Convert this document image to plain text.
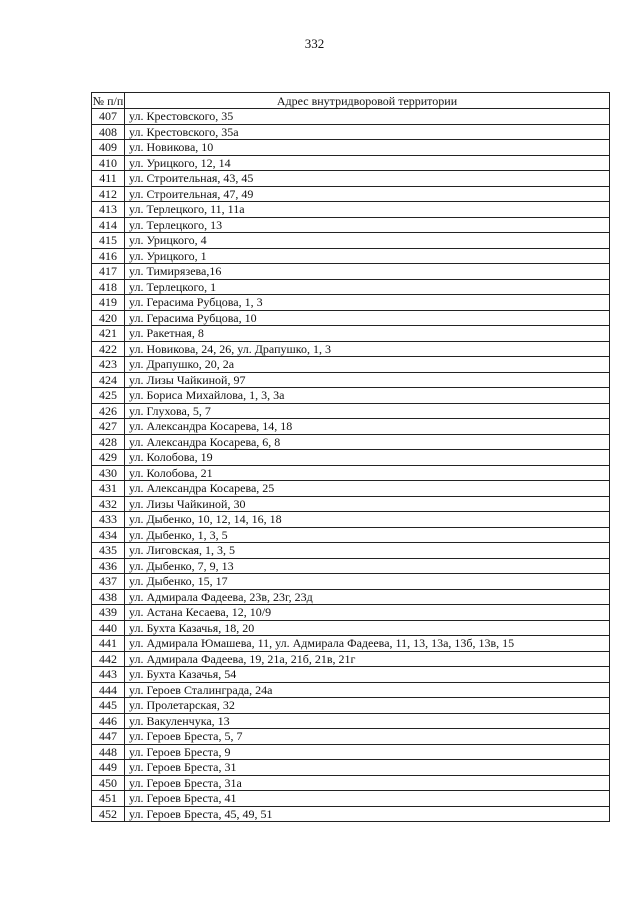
332
№ п/п	Адрес внутридворовой территории
407	ул. Крестовского, 35
408	ул. Крестовского, 35а
409	ул. Новикова, 10
410	ул. Урицкого, 12, 14
411	ул. Строительная, 43, 45
412	ул. Строительная, 47, 49
413	ул. Терлецкого, 11, 11а
414	ул. Терлецкого, 13
415	ул. Урицкого, 4
416	ул. Урицкого, 1
417	ул. Тимирязева,16
418	ул. Терлецкого, 1
419	ул. Герасима Рубцова, 1, 3
420	ул. Герасима Рубцова, 10
421	ул. Ракетная, 8
422	ул. Новикова, 24, 26, ул. Драпушко, 1, 3
423	ул. Драпушко, 20, 2а
424	ул. Лизы Чайкиной, 97
425	ул. Бориса Михайлова, 1, 3, 3а
426	ул. Глухова, 5, 7
427	ул. Александра Косарева, 14, 18
428	ул. Александра Косарева, 6, 8
429	ул. Колобова, 19
430	ул. Колобова, 21
431	ул. Александра Косарева, 25
432	ул. Лизы Чайкиной, 30
433	ул. Дыбенко, 10, 12, 14, 16, 18
434	ул. Дыбенко, 1, 3, 5
435	ул. Лиговская, 1, 3, 5
436	ул. Дыбенко, 7, 9, 13
437	ул. Дыбенко, 15, 17
438	ул. Адмирала Фадеева, 23в, 23г, 23д
439	ул. Астана Кесаева, 12, 10/9
440	ул. Бухта Казачья, 18, 20
441	ул. Адмирала Юмашева, 11, ул. Адмирала Фадеева, 11, 13, 13а, 13б, 13в, 15
442	ул. Адмирала Фадеева, 19, 21а, 21б, 21в, 21г
443	ул. Бухта Казачья, 54
444	ул. Героев Сталинграда, 24а
445	ул. Пролетарская, 32
446	ул. Вакуленчука, 13
447	ул. Героев Бреста, 5, 7
448	ул. Героев Бреста, 9
449	ул. Героев Бреста, 31
450	ул. Героев Бреста, 31а
451	ул. Героев Бреста, 41
452	ул. Героев Бреста, 45, 49, 51
